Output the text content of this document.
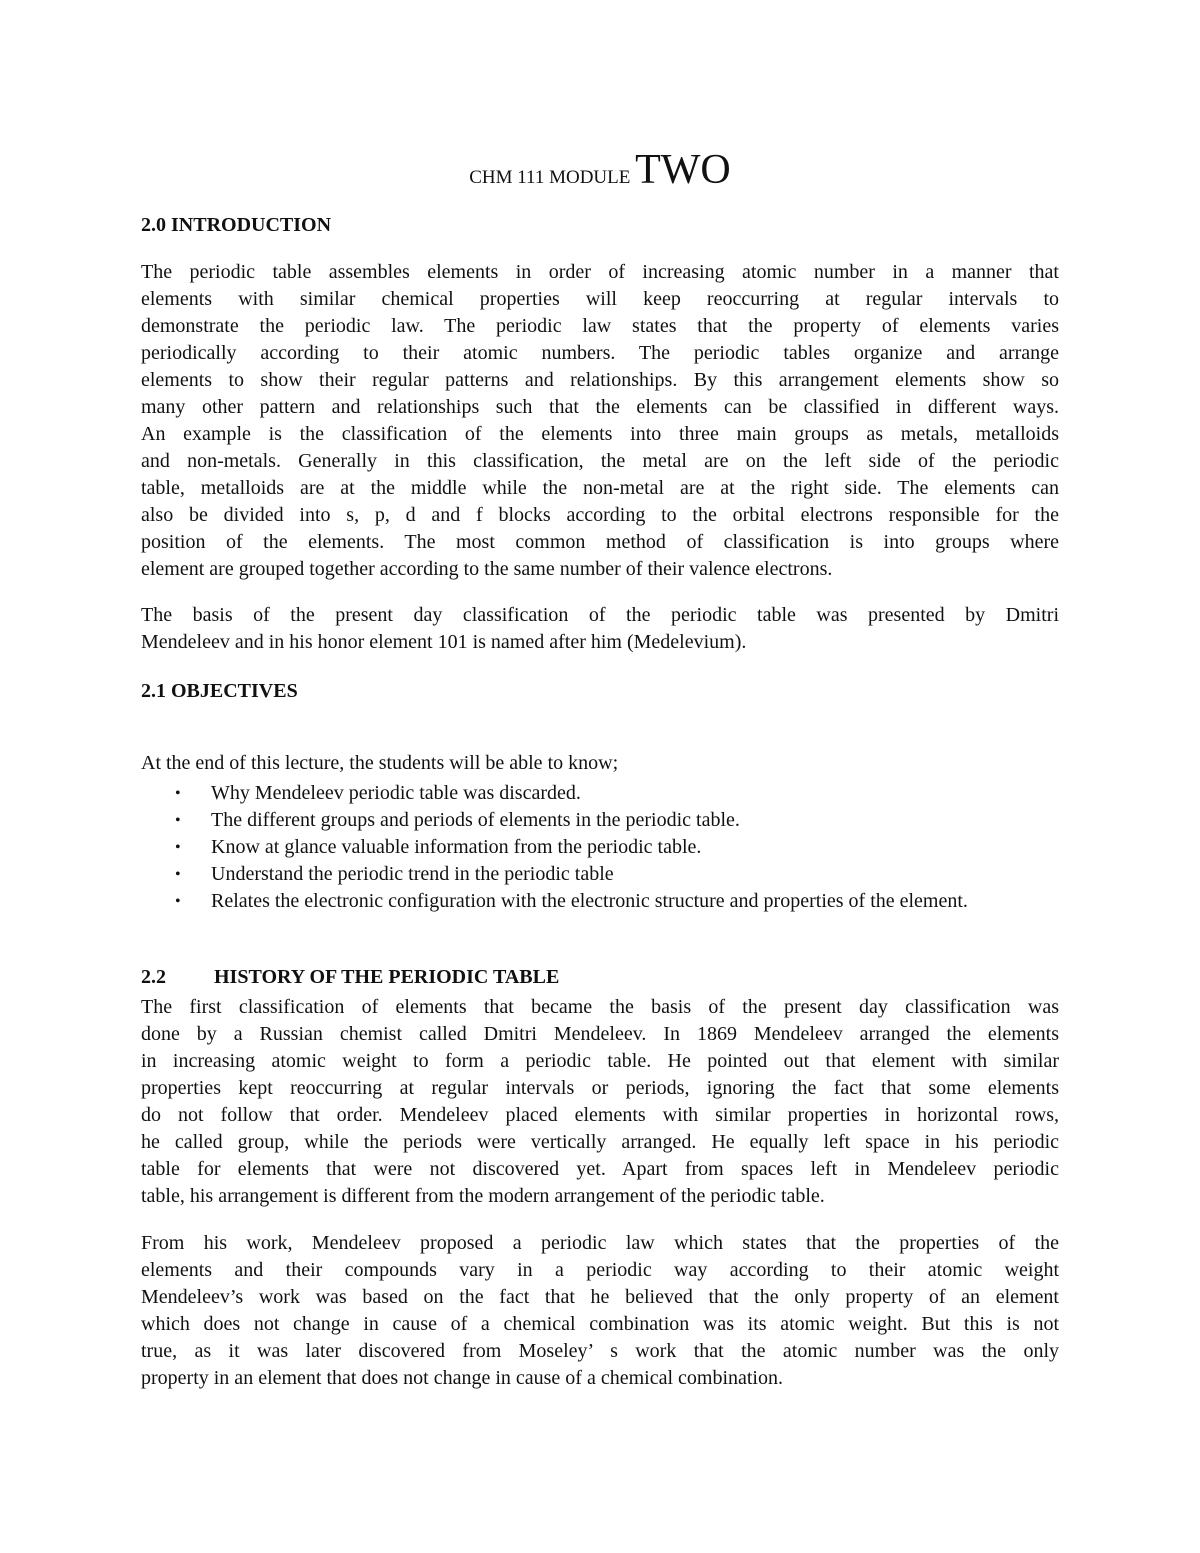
CHM 111 MODULE TWO
2.0 INTRODUCTION
The periodic table assembles elements in order of increasing atomic number in a manner that
elements with similar chemical properties will keep reoccurring at regular intervals to
demonstrate the periodic law. The periodic law states that the property of elements varies
periodically according to their atomic numbers. The periodic tables organize and arrange
elements to show their regular patterns and relationships. By this arrangement elements show so
many other pattern and relationships such that the elements can be classified in different ways.
An example is the classification of the elements into three main groups as metals, metalloids
and non-metals. Generally in this classification, the metal are on the left side of the periodic
table, metalloids are at the middle while the non-metal are at the right side. The elements can
also be divided into s, p, d and f blocks according to the orbital electrons responsible for the
position of the elements. The most common method of classification is into groups where
element are grouped together according to the same number of their valence electrons.
The basis of the present day classification of the periodic table was presented by Dmitri
Mendeleev and in his honor element 101 is named after him (Medelevium).
2.1 OBJECTIVES
At the end of this lecture, the students will be able to know;
• Why Mendeleev periodic table was discarded.
• The different groups and periods of elements in the periodic table.
• Know at glance valuable information from the periodic table.
• Understand the periodic trend in the periodic table
• Relates the electronic configuration with the electronic structure and properties of the element.
2.2 HISTORY OF THE PERIODIC TABLE
The first classification of elements that became the basis of the present day classification was
done by a Russian chemist called Dmitri Mendeleev. In 1869 Mendeleev arranged the elements
in increasing atomic weight to form a periodic table. He pointed out that element with similar
properties kept reoccurring at regular intervals or periods, ignoring the fact that some elements
do not follow that order. Mendeleev placed elements with similar properties in horizontal rows,
he called group, while the periods were vertically arranged. He equally left space in his periodic
table for elements that were not discovered yet. Apart from spaces left in Mendeleev periodic
table, his arrangement is different from the modern arrangement of the periodic table.
From his work, Mendeleev proposed a periodic law which states that the properties of the
elements and their compounds vary in a periodic way according to their atomic weight
Mendeleev’s work was based on the fact that he believed that the only property of an element
which does not change in cause of a chemical combination was its atomic weight. But this is not
true, as it was later discovered from Moseley’ s work that the atomic number was the only
property in an element that does not change in cause of a chemical combination.
